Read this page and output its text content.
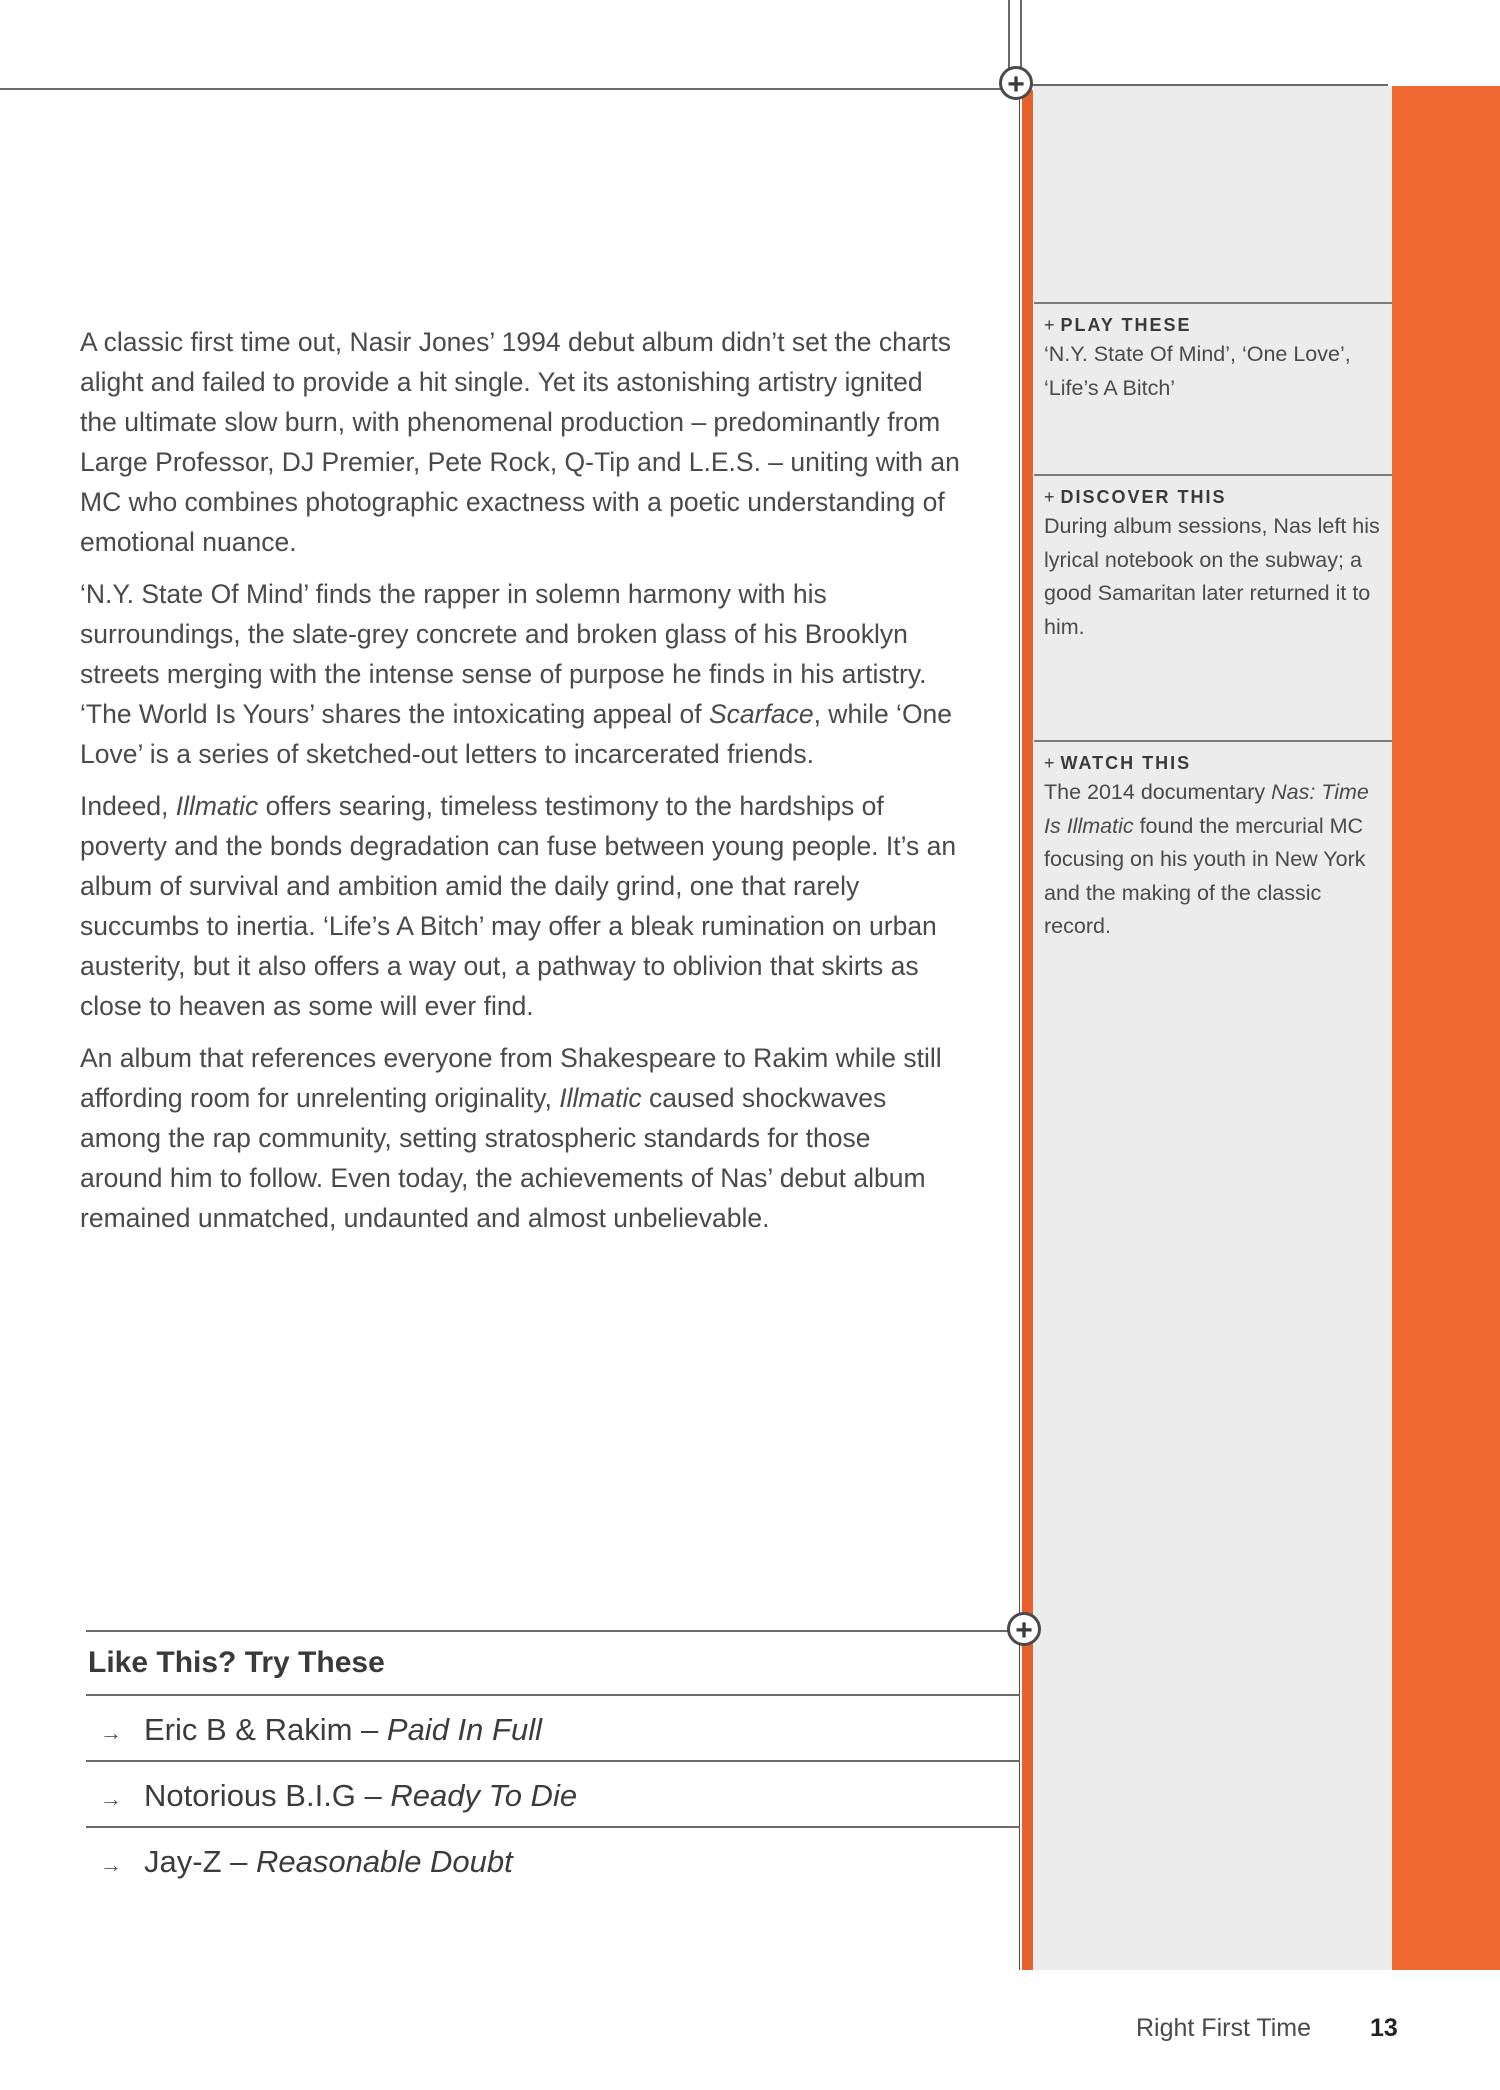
+

A classic first time out, Nasir Jones’ 1994 debut album didn’t set the charts alight and failed to provide a hit single. Yet its astonishing artistry ignited the ultimate slow burn, with phenomenal production – predominantly from Large Professor, DJ Premier, Pete Rock, Q-Tip and L.E.S. – uniting with an MC who combines photographic exactness with a poetic understanding of emotional nuance.

‘N.Y. State Of Mind’ finds the rapper in solemn harmony with his surroundings, the slate-grey concrete and broken glass of his Brooklyn streets merging with the intense sense of purpose he finds in his artistry. ‘The World Is Yours’ shares the intoxicating appeal of Scarface, while ‘One Love’ is a series of sketched-out letters to incarcerated friends.

Indeed, Illmatic offers searing, timeless testimony to the hardships of poverty and the bonds degradation can fuse between young people. It’s an album of survival and ambition amid the daily grind, one that rarely succumbs to inertia. ‘Life’s A Bitch’ may offer a bleak rumination on urban austerity, but it also offers a way out, a pathway to oblivion that skirts as close to heaven as some will ever find.

An album that references everyone from Shakespeare to Rakim while still affording room for unrelenting originality, Illmatic caused shockwaves among the rap community, setting stratospheric standards for those around him to follow. Even today, the achievements of Nas’ debut album remained unmatched, undaunted and almost unbelievable.

+ PLAY THESE
‘N.Y. State Of Mind’, ‘One Love’, ‘Life’s A Bitch’
+ DISCOVER THIS
During album sessions, Nas left his lyrical notebook on the subway; a good Samaritan later returned it to him.
+ WATCH THIS
The 2014 documentary Nas: Time Is Illmatic found the mercurial MC focusing on his youth in New York and the making of the classic record.
+
Like This? Try These
→ Eric B & Rakim – Paid In Full
→ Notorious B.I.G – Ready To Die
→ Jay-Z – Reasonable Doubt
Right First Time 13
